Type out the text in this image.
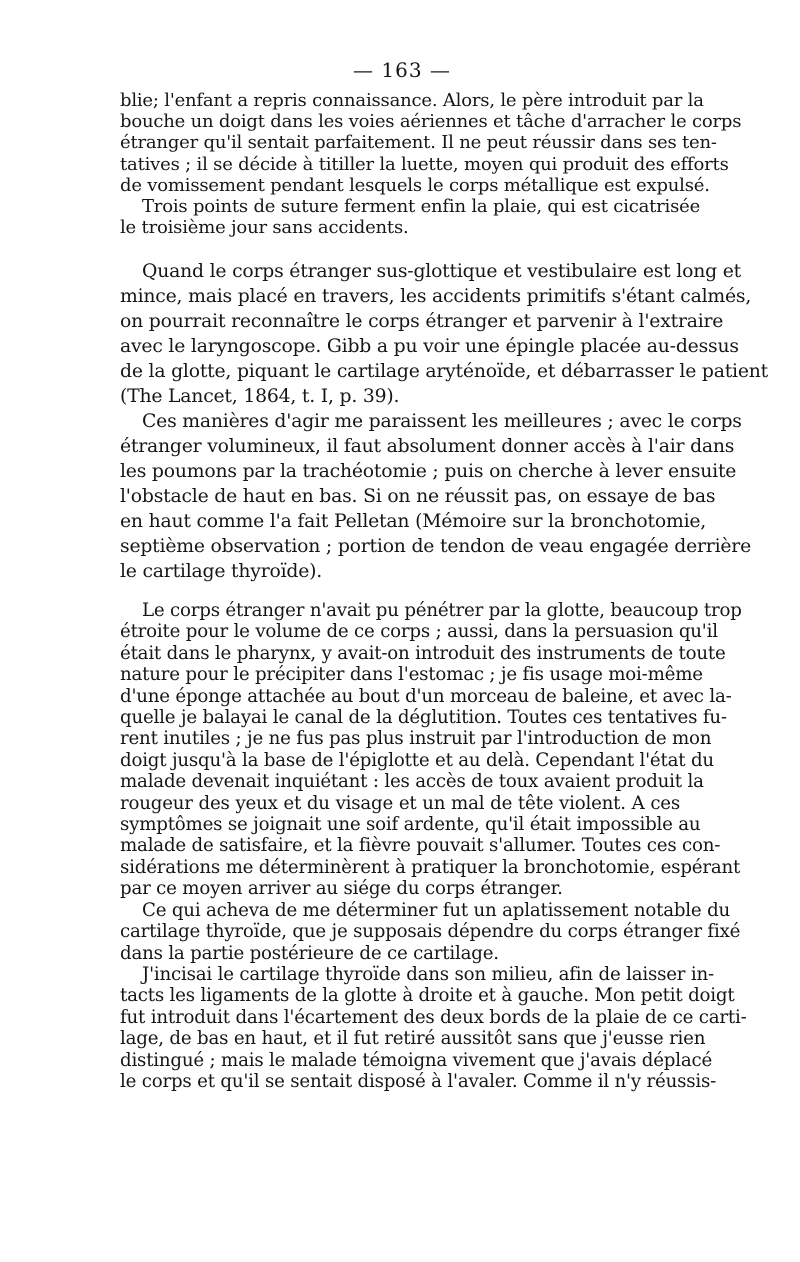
— 163 —
blie; l'enfant a repris connaissance. Alors, le père introduit par la
bouche un doigt dans les voies aériennes et tâche d'arracher le corps
étranger qu'il sentait parfaitement. Il ne peut réussir dans ses ten-
tatives ; il se décide à titiller la luette, moyen qui produit des efforts
de vomissement pendant lesquels le corps métallique est expulsé.
Trois points de suture ferment enfin la plaie, qui est cicatrisée
le troisième jour sans accidents.
Quand le corps étranger sus-glottique et vestibulaire est long et
mince, mais placé en travers, les accidents primitifs s'étant calmés,
on pourrait reconnaître le corps étranger et parvenir à l'extraire
avec le laryngoscope. Gibb a pu voir une épingle placée au-dessus
de la glotte, piquant le cartilage aryténoïde, et débarrasser le patient
(The Lancet, 1864, t. I, p. 39).
Ces manières d'agir me paraissent les meilleures ; avec le corps
étranger volumineux, il faut absolument donner accès à l'air dans
les poumons par la trachéotomie ; puis on cherche à lever ensuite
l'obstacle de haut en bas. Si on ne réussit pas, on essaye de bas
en haut comme l'a fait Pelletan (Mémoire sur la bronchotomie,
septième observation ; portion de tendon de veau engagée derrière
le cartilage thyroïde).
Le corps étranger n'avait pu pénétrer par la glotte, beaucoup trop
étroite pour le volume de ce corps ; aussi, dans la persuasion qu'il
était dans le pharynx, y avait-on introduit des instruments de toute
nature pour le précipiter dans l'estomac ; je fis usage moi-même
d'une éponge attachée au bout d'un morceau de baleine, et avec la-
quelle je balayai le canal de la déglutition. Toutes ces tentatives fu-
rent inutiles ; je ne fus pas plus instruit par l'introduction de mon
doigt jusqu'à la base de l'épiglotte et au delà. Cependant l'état du
malade devenait inquiétant : les accès de toux avaient produit la
rougeur des yeux et du visage et un mal de tête violent. A ces
symptômes se joignait une soif ardente, qu'il était impossible au
malade de satisfaire, et la fièvre pouvait s'allumer. Toutes ces con-
sidérations me déterminèrent à pratiquer la bronchotomie, espérant
par ce moyen arriver au siége du corps étranger.
Ce qui acheva de me déterminer fut un aplatissement notable du
cartilage thyroïde, que je supposais dépendre du corps étranger fixé
dans la partie postérieure de ce cartilage.
J'incisai le cartilage thyroïde dans son milieu, afin de laisser in-
tacts les ligaments de la glotte à droite et à gauche. Mon petit doigt
fut introduit dans l'écartement des deux bords de la plaie de ce carti-
lage, de bas en haut, et il fut retiré aussitôt sans que j'eusse rien
distingué ; mais le malade témoigna vivement que j'avais déplacé
le corps et qu'il se sentait disposé à l'avaler. Comme il n'y réussis-
